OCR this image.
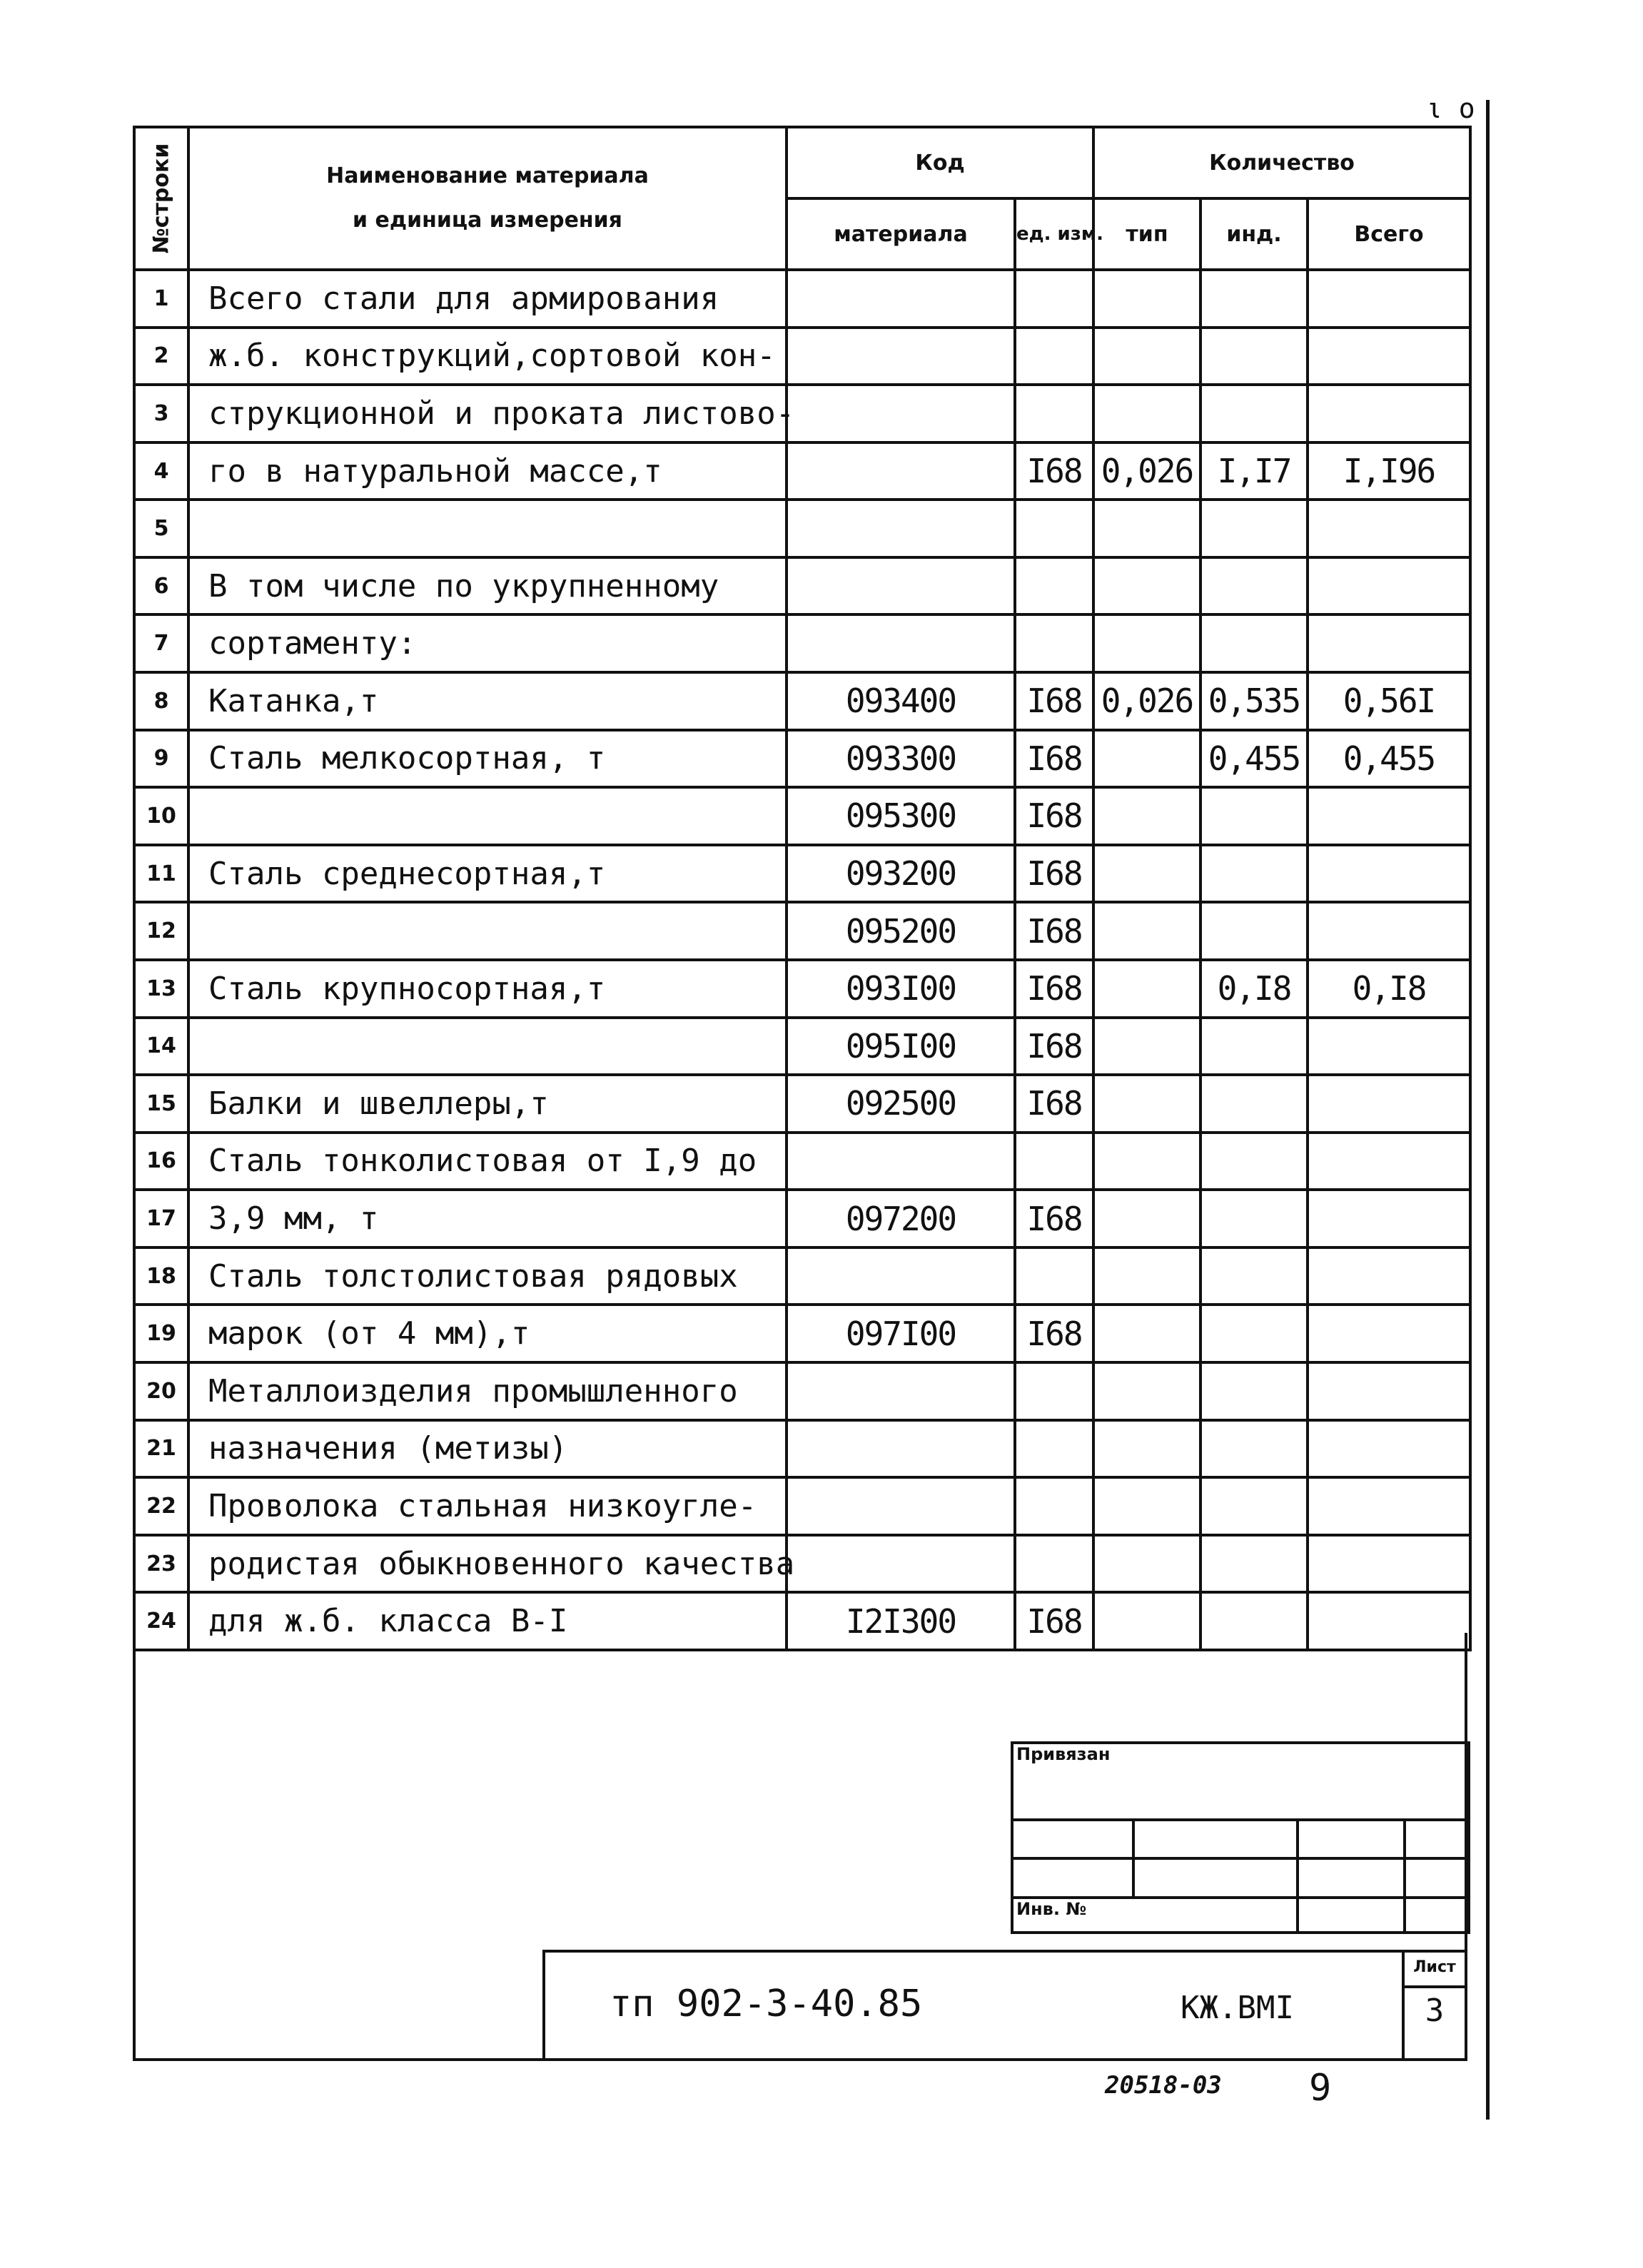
ι о
№строки	Наименование материала
и единица измерения	Код		Количество		
		материала	ед. изм.	тип	инд.	Всего
1	Всего стали для армирования					
2	ж.б. конструкций,сортовой кон-					
3	струкционной и проката листово-					
4	го в натуральной массе,т		I68	0,026	I,I7	I,I96
5						
6	В том числе по укрупненному					
7	сортаменту:					
8	Катанка,т	093400	I68	0,026	0,535	0,56I
9	Сталь мелкосортная, т	093300	I68		0,455	0,455
10		095300	I68			
11	Сталь среднесортная,т	093200	I68			
12		095200	I68			
13	Сталь крупносортная,т	093I00	I68		0,I8	0,I8
14		095I00	I68			
15	Балки и швеллеры,т	092500	I68			
16	Сталь тонколистовая от I,9 до					
17	3,9 мм, т	097200	I68			
18	Сталь толстолистовая рядовых					
19	марок (от 4 мм),т	097I00	I68			
20	Металлоизделия промышленного					
21	назначения (метизы)					
22	Проволока стальная низкоугле-					
23	родистая обыкновенного качества					
24	для ж.б. класса В-I	I2I300	I68			
Привязан			

Инв. №			
тп 902-3-40.85	КЖ.ВМI
Лист
3
20518-03 9
